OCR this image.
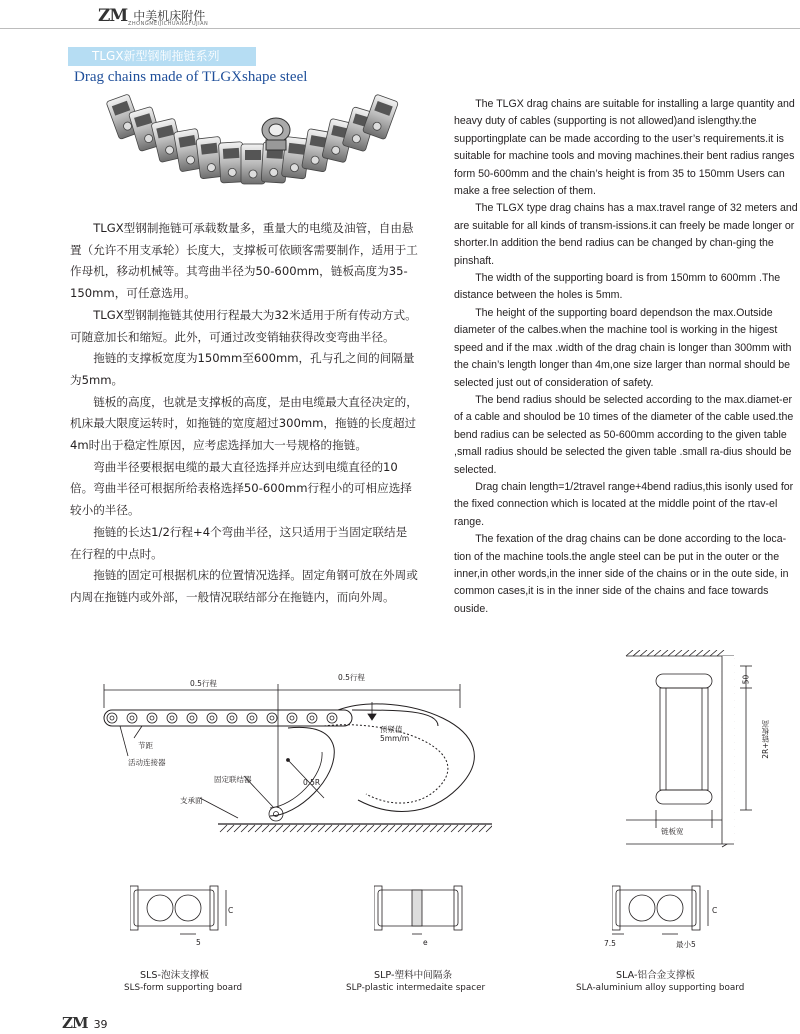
ZM 中美机床附件
ZHONGMEIJICHUANGFUJIAN
TLGX新型钢制拖链系列
Drag chains made of TLGXshape steel

TLGX型钢制拖链可承载数量多，重量大的电缆及油管，自由悬置（允许不用支承轮）长度大，支撑板可依顾客需要制作，适用于工作母机，移动机械等。其弯曲半径为50-600mm，链板高度为35-150mm，可任意选用。

TLGX型钢制拖链其使用行程最大为32米适用于所有传动方式。可随意加长和缩短。此外，可通过改变销轴获得改变弯曲半径。

拖链的支撑板宽度为150mm至600mm，孔与孔之间的间隔量为5mm。

链板的高度，也就是支撑板的高度，是由电缆最大直径决定的，机床最大限度运转时，如拖链的宽度超过300mm，拖链的长度超过4m时出于稳定性原因，应考虑选择加大一号规格的拖链。

弯曲半径要根据电缆的最大直径选择并应达到电缆直径的10倍。弯曲半径可根据所给表格选择50-600mm行程小的可相应选择较小的半径。

拖链的长达1/2行程+4个弯曲半径，这只适用于当固定联结是在行程的中点时。

拖链的固定可根据机床的位置情况选择。固定角钢可放在外周或内周在拖链内或外部，一般情况联结部分在拖链内，而向外周。

The TLGX drag chains are suitable for installing a large quantity and heavy duty of cables (supporting is not allowed)and islengthy.the supportingplate can be made according to the user’s requirements.it is suitable for machine tools and moving machines.their bent radius ranges form 50-600mm and the chain’s height is from 35 to 150mm Users can make a free selection of them.

The TLGX type drag chains has a max.travel range of 32 meters and are suitable for all kinds of transm-issions.it can freely be made longer or shorter.In addition the bend radius can be changed by chan-ging the pinshaft.

The width of the supporting board is from 150mm to 600mm .The distance between the holes is 5mm.

The height of the supporting board dependson the max.Outside diameter of the calbes.when the machine tool is working in the higest speed and if the max .width of the drag chain is longer than 300mm with the chain’s length longer than 4m,one size larger than normal should be selected just out of consideration of safety.

The bend radius should be selected according to the max.diamet-er of a cable and shoulod be 10 times of the diameter of the cable used.the bend radius can be selected as 50-600mm according to the given table ,small radius should be selected the given table .small ra-dius should be selected.

Drag chain length=1/2travel range+4bend radius,this isonly used for the fixed connection which is located at the middle point of the rtav-el range.

The fexation of the drag chains can be done according to the loca-tion of the machine tools.the angle steel can be put in the outer or the inner,in other words,in the inner side of the chains or in the oute side, in common cases,it is in the inner side of the chains and face towards ouside.

0.5行程
0.5行程
预紧值
5mm/m
节距
活动连接器
固定联结器	0.5R
支承面
50
2R+链板高
链板宽
C
5	e
C
7.5	最小5
SLS-泡沫支撑板
SLS-form supporting board
SLP-塑料中间隔条
SLP-plastic intermedaite spacer
SLA-铝合金支撑板
SLA-aluminium alloy supporting board
ZM 39
